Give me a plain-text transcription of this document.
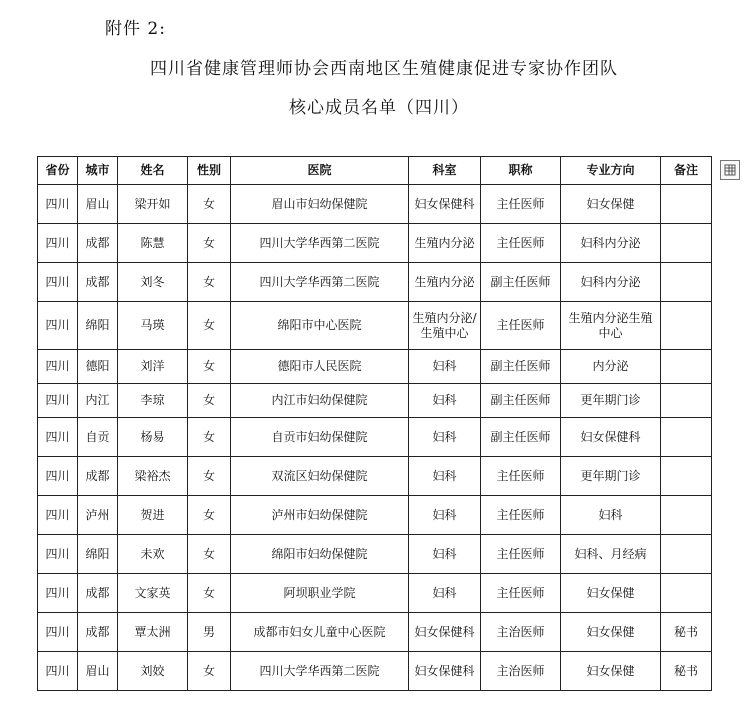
附件 2:
四川省健康管理师协会西南地区生殖健康促进专家协作团队
核心成员名单（四川）
省份	城市	姓名	性别	医院	科室	职称	专业方向	备注
四川	眉山	梁开如	女	眉山市妇幼保健院	妇女保健科	主任医师	妇女保健	
四川	成都	陈慧	女	四川大学华西第二医院	生殖内分泌	主任医师	妇科内分泌	
四川	成都	刘冬	女	四川大学华西第二医院	生殖内分泌	副主任医师	妇科内分泌	
四川	绵阳	马瑛	女	绵阳市中心医院	生殖内分泌/生殖中心	主任医师	生殖内分泌生殖中心	
四川	德阳	刘洋	女	德阳市人民医院	妇科	副主任医师	内分泌	
四川	内江	李琼	女	内江市妇幼保健院	妇科	副主任医师	更年期门诊	
四川	自贡	杨易	女	自贡市妇幼保健院	妇科	副主任医师	妇女保健科	
四川	成都	梁裕杰	女	双流区妇幼保健院	妇科	主任医师	更年期门诊	
四川	泸州	贺进	女	泸州市妇幼保健院	妇科	主任医师	妇科	
四川	绵阳	未欢	女	绵阳市妇幼保健院	妇科	主任医师	妇科、月经病	
四川	成都	文家英	女	阿坝职业学院	妇科	主任医师	妇女保健	
四川	成都	覃太洲	男	成都市妇女儿童中心医院	妇女保健科	主治医师	妇女保健	秘书
四川	眉山	刘姣	女	四川大学华西第二医院	妇女保健科	主治医师	妇女保健	秘书
